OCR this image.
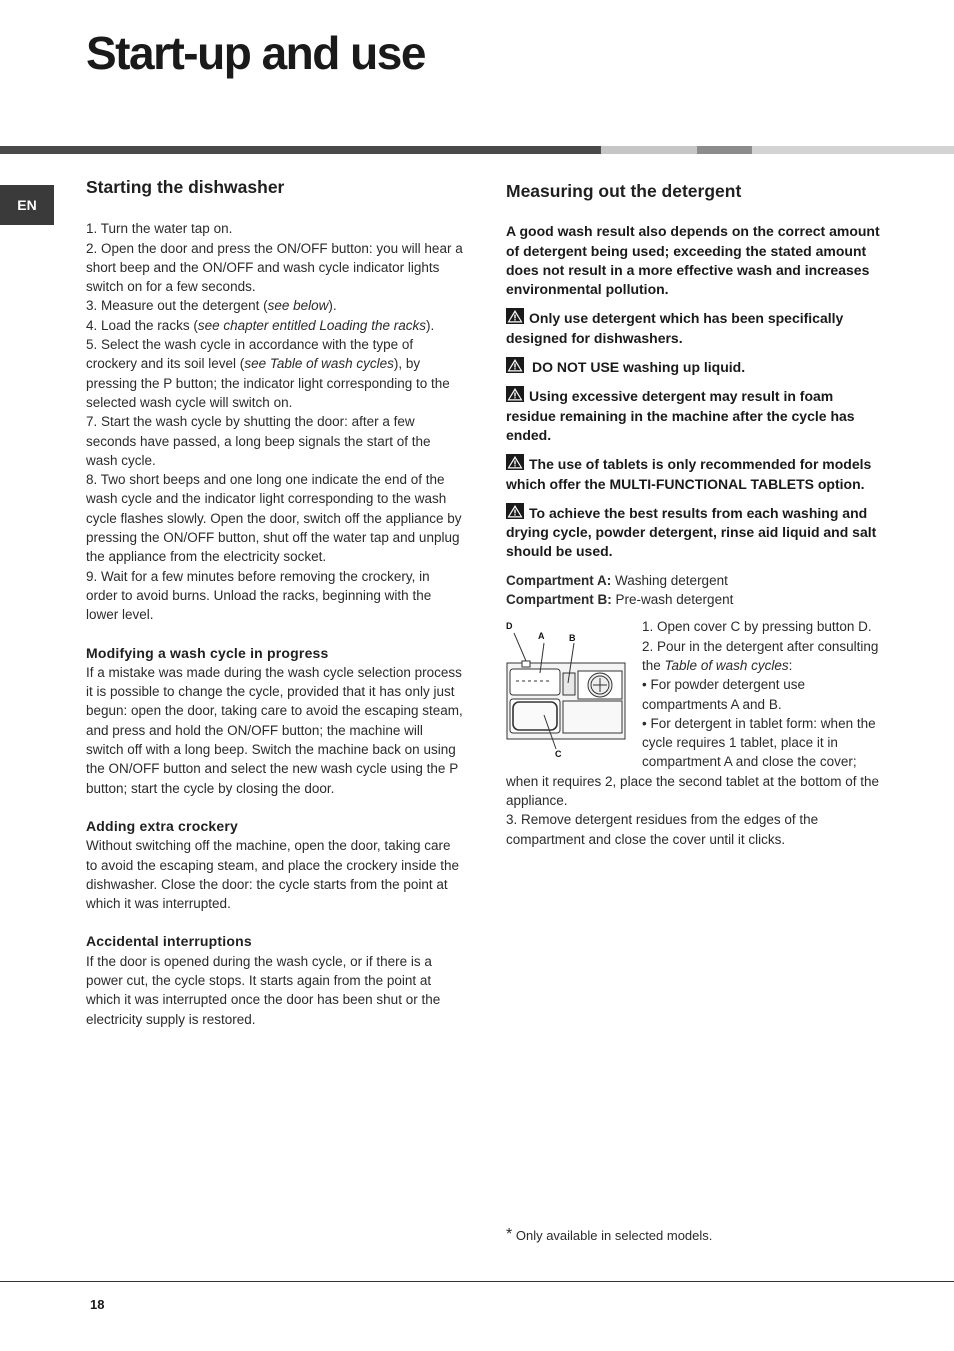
Start-up and use
EN
Starting the dishwasher

1. Turn the water tap on.

2. Open the door and press the ON/OFF button: you will hear a short beep and the ON/OFF and wash cycle indicator lights switch on for a few seconds.

3. Measure out the detergent (see below).

4. Load the racks (see chapter entitled Loading the racks).

5. Select the wash cycle in accordance with the type of crockery and its soil level (see Table of wash cycles), by pressing the P button; the indicator light corresponding to the selected wash cycle will switch on.

7. Start the wash cycle by shutting the door: after a few seconds have passed, a long beep signals the start of the wash cycle.

8. Two short beeps and one long one indicate the end of the wash cycle and the indicator light corresponding to the wash cycle flashes slowly. Open the door, switch off the appliance by pressing the ON/OFF button, shut off the water tap and unplug the appliance from the electricity socket.

9. Wait for a few minutes before removing the crockery, in order to avoid burns. Unload the racks, beginning with the lower level.

Modifying a wash cycle in progress

If a mistake was made during the wash cycle selection process it is possible to change the cycle, provided that it has only just begun: open the door, taking care to avoid the escaping steam, and press and hold the ON/OFF button; the machine will switch off with a long beep. Switch the machine back on using the ON/OFF button and select the new wash cycle using the P button; start the cycle by closing the door.

Adding extra crockery

Without switching off the machine, open the door, taking care to avoid the escaping steam, and place the crockery inside the dishwasher. Close the door: the cycle starts from the point at which it was interrupted.

Accidental interruptions

If the door is opened during the wash cycle, or if there is a power cut, the cycle stops. It starts again from the point at which it was interrupted once the door has been shut or the electricity supply is restored.

Measuring out the detergent

A good wash result also depends on the correct amount of detergent being used; exceeding the stated amount does not result in a more effective wash and increases environmental pollution.

Only use detergent which has been specifically designed for dishwashers.

DO NOT USE washing up liquid.

Using excessive detergent may result in foam residue remaining in the machine after the cycle has ended.

The use of tablets is only recommended for models which offer the MULTI-FUNCTIONAL TABLETS option.

To achieve the best results from each washing and drying cycle, powder detergent, rinse aid liquid and salt should be used.

Compartment A: Washing detergent

Compartment B: Pre-wash detergent

D
A	B
C

1. Open cover C by pressing button D.

2. Pour in the detergent after consulting the Table of wash cycles:

• For powder detergent use compartments A and B.

• For detergent in tablet form: when the cycle requires 1 tablet, place it in compartment A and close the cover; when it requires 2, place the second tablet at the bottom of the appliance.

3. Remove detergent residues from the edges of the compartment and close the cover until it clicks.

* Only available in selected models.
18
